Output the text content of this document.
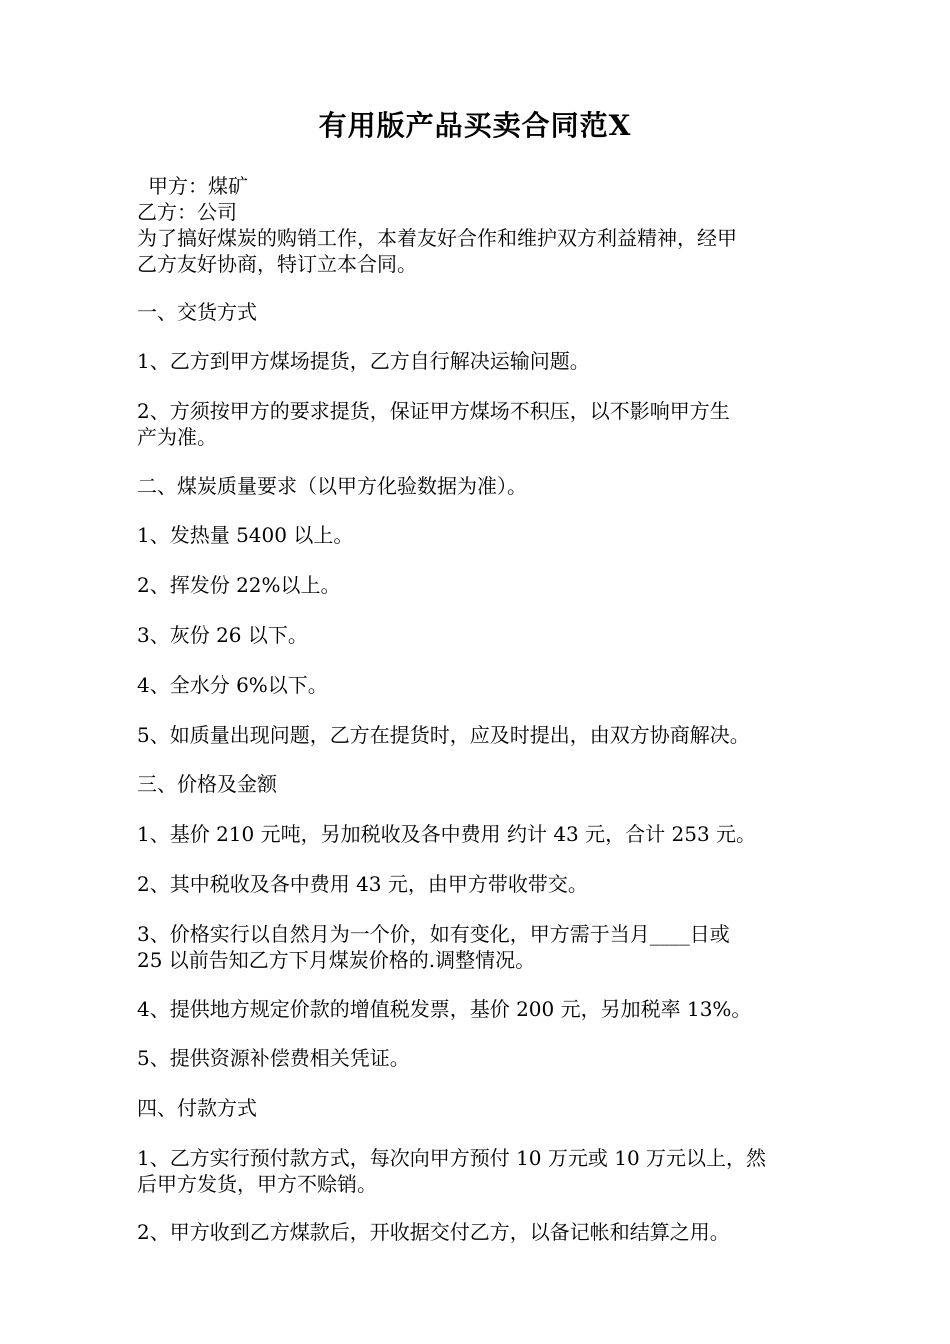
有用版产品买卖合同范X
甲方：煤矿
乙方：公司
为了搞好煤炭的购销工作，本着友好合作和维护双方利益精神，经甲
乙方友好协商，特订立本合同。
一、交货方式
1、乙方到甲方煤场提货，乙方自行解决运输问题。
2、方须按甲方的要求提货，保证甲方煤场不积压，以不影响甲方生
产为准。
二、煤炭质量要求（以甲方化验数据为准）。
1、发热量 5400 以上。
2、挥发份 22%以上。
3、灰份 26 以下。
4、全水分 6%以下。
5、如质量出现问题，乙方在提货时，应及时提出，由双方协商解决。
三、价格及金额
1、基价 210 元吨，另加税收及各中费用 约计 43 元，合计 253 元。
2、其中税收及各中费用 43 元，由甲方带收带交。
3、价格实行以自然月为一个价，如有变化，甲方需于当月____日或
25 以前告知乙方下月煤炭价格的.调整情况。
4、提供地方规定价款的增值税发票，基价 200 元，另加税率 13%。
5、提供资源补偿费相关凭证。
四、付款方式
1、乙方实行预付款方式，每次向甲方预付 10 万元或 10 万元以上，然
后甲方发货，甲方不赊销。
2、甲方收到乙方煤款后，开收据交付乙方，以备记帐和结算之用。
